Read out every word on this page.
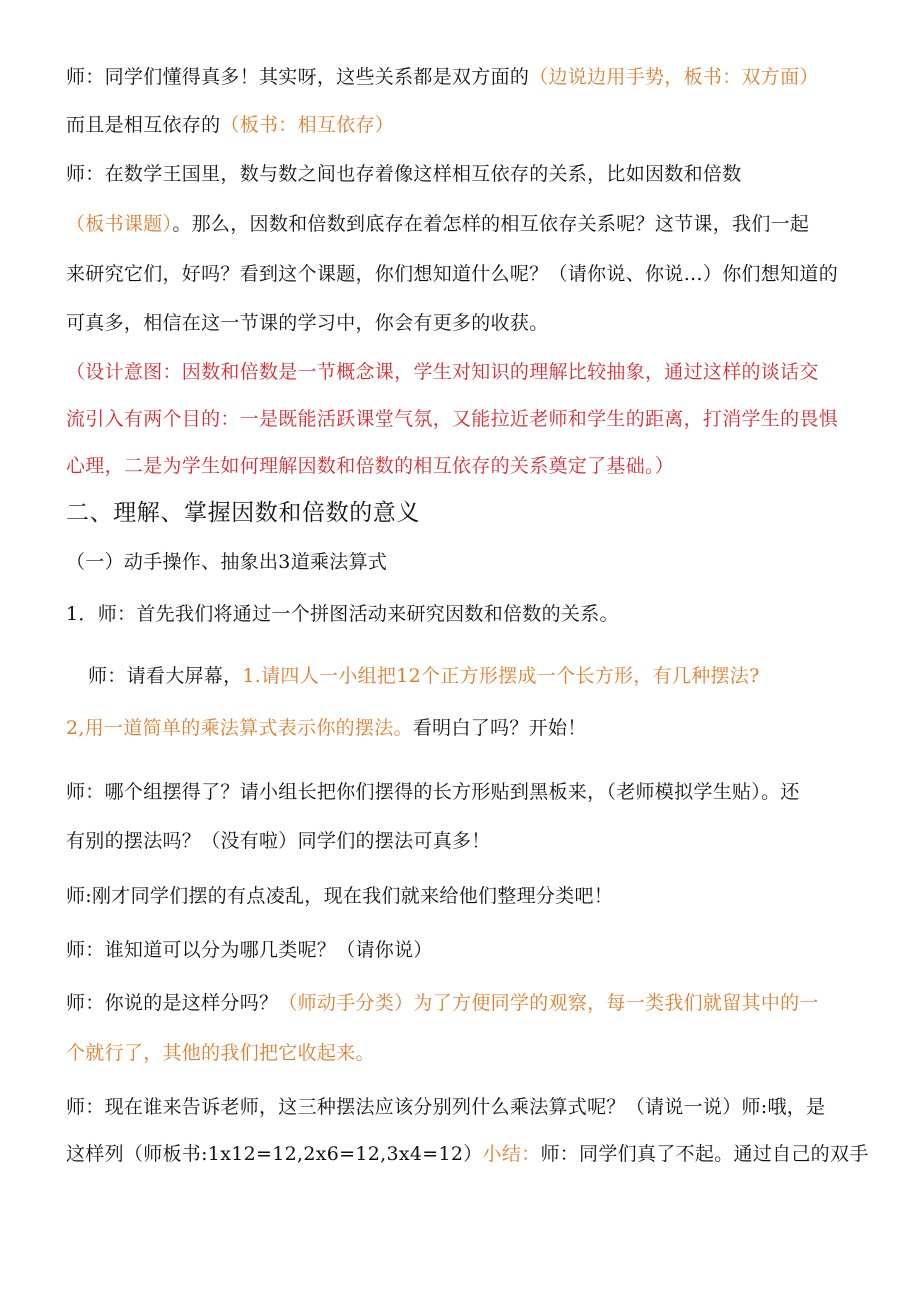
师：同学们懂得真多！其实呀，这些关系都是双方面的（边说边用手势，板书：双方面）
而且是相互依存的（板书：相互依存）
师：在数学王国里，数与数之间也存着像这样相互依存的关系，比如因数和倍数
（板书课题）。那么，因数和倍数到底存在着怎样的相互依存关系呢？这节课，我们一起
来研究它们，好吗？看到这个课题，你们想知道什么呢？（请你说、你说…）你们想知道的
可真多，相信在这一节课的学习中，你会有更多的收获。
（设计意图：因数和倍数是一节概念课，学生对知识的理解比较抽象，通过这样的谈话交
流引入有两个目的：一是既能活跃课堂气氛，又能拉近老师和学生的距离，打消学生的畏惧
心理，二是为学生如何理解因数和倍数的相互依存的关系奠定了基础。）
二、理解、掌握因数和倍数的意义
（一）动手操作、抽象出3道乘法算式
1．师：首先我们将通过一个拼图活动来研究因数和倍数的关系。
师：请看大屏幕，1.请四人一小组把12个正方形摆成一个长方形，有几种摆法?
2,用一道简单的乘法算式表示你的摆法。看明白了吗？开始！
师：哪个组摆得了？请小组长把你们摆得的长方形贴到黑板来，（老师模拟学生贴）。还
有别的摆法吗？（没有啦）同学们的摆法可真多！
师:刚才同学们摆的有点凌乱，现在我们就来给他们整理分类吧！
师：谁知道可以分为哪几类呢？（请你说）
师：你说的是这样分吗？（师动手分类）为了方便同学的观察，每一类我们就留其中的一
个就行了，其他的我们把它收起来。
师：现在谁来告诉老师，这三种摆法应该分别列什么乘法算式呢？（请说一说）师:哦，是
这样列（师板书:1x12=12,2x6=12,3x4=12）小结：师：同学们真了不起。通过自己的双手
